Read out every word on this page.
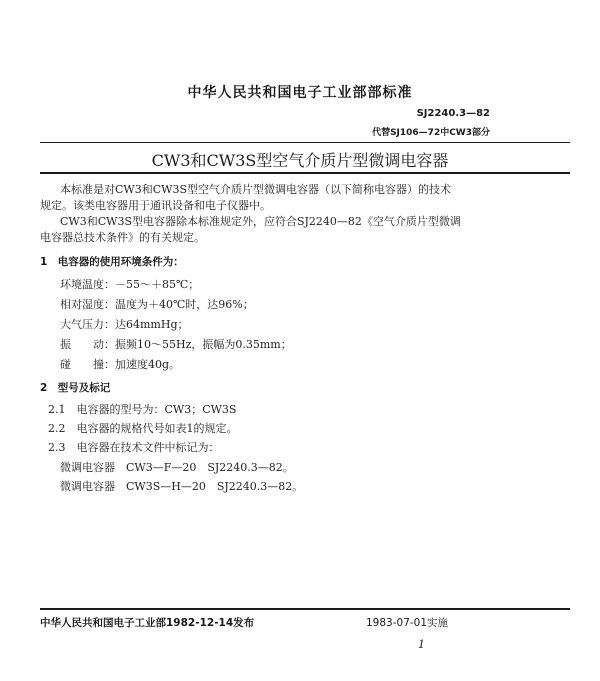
中华人民共和国电子工业部部标准
SJ2240.3—82
代替SJ106—72中CW3部分
CW3和CW3S型空气介质片型微调电容器
本标准是对CW3和CW3S型空气介质片型微调电容器（以下简称电容器）的技术
规定。该类电容器用于通讯设备和电子仪器中。
CW3和CW3S型电容器除本标准规定外，应符合SJ2240—82《空气介质片型微调
电容器总技术条件》的有关规定。
1　电容器的使用环境条件为：
环境温度：－55～＋85℃；
相对湿度：温度为＋40℃时，达96%；
大气压力：达64mmHg；
振　　动：振频10～55Hz，振幅为0.35mm；
碰　　撞：加速度40g。
2　型号及标记
2.1　电容器的型号为：CW3；CW3S
2.2　电容器的规格代号如表1的规定。
2.3　电容器在技术文件中标记为：
微调电容器　CW3—F—20　SJ2240.3—82。
微调电容器　CW3S—H—20　SJ2240.3—82。
中华人民共和国电子工业部1982-12-14发布	1983-07-01实施
1
